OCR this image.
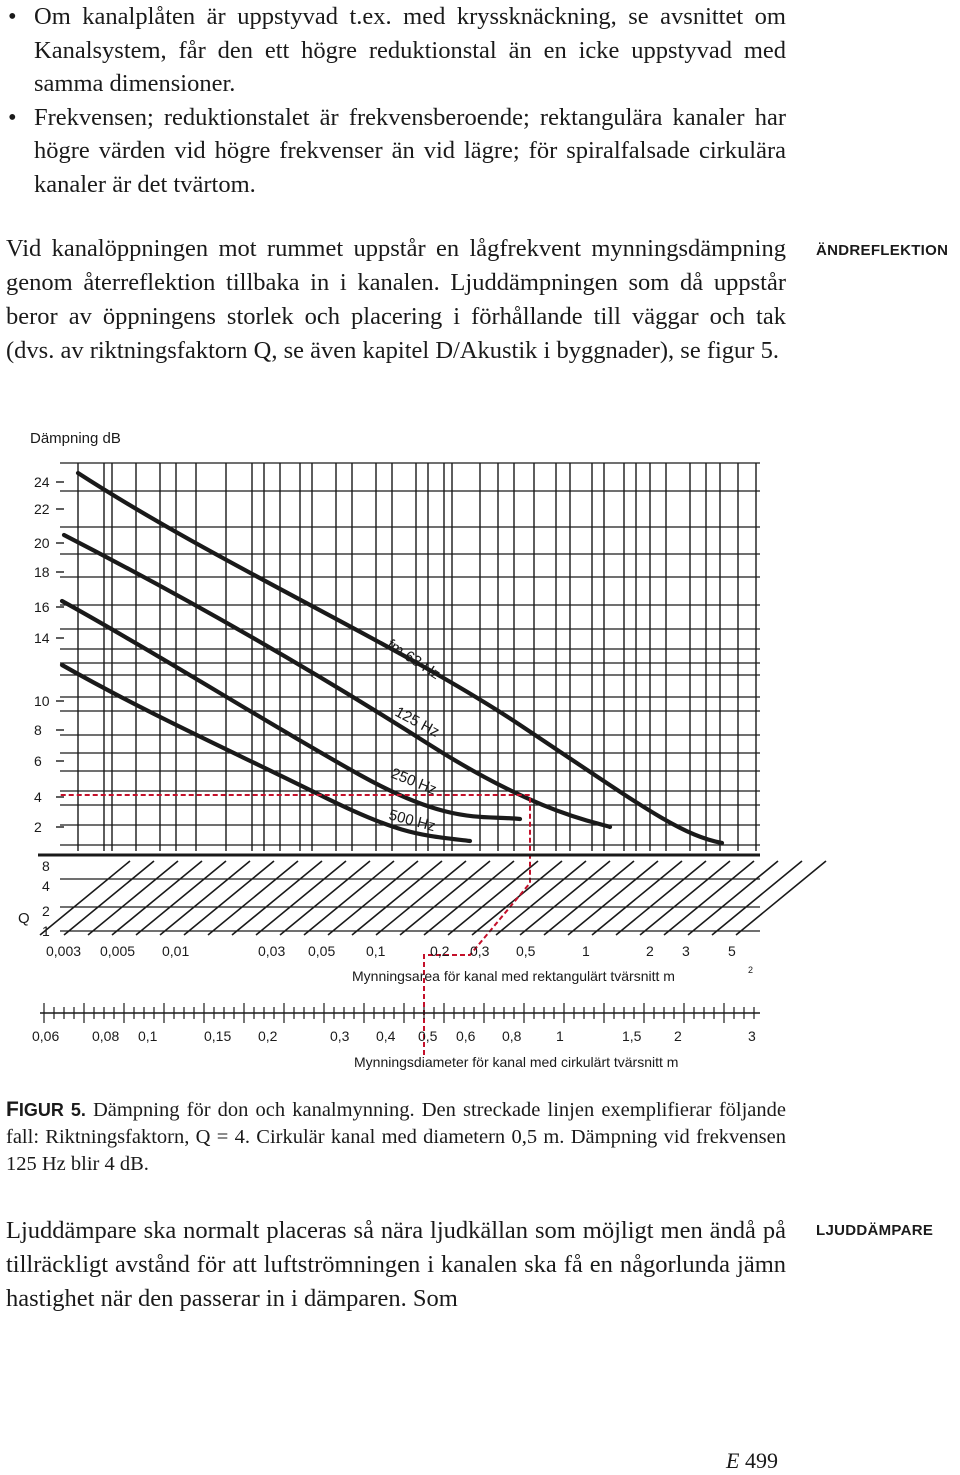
• Om kanalplåten är uppstyvad t.ex. med kryssknäckning, se avsnittet om Kanalsystem, får den ett högre reduktionstal än en icke uppstyvad med samma dimensioner.
• Frekvensen; reduktionstalet är frekvensberoende; rektangulära kanaler har högre värden vid högre frekvenser än vid lägre; för spiralfalsade cirkulära kanaler är det tvärtom.

Vid kanalöppningen mot rummet uppstår en lågfrekvent mynningsdämpning genom återreflektion tillbaka in i kanalen. Ljuddämpningen som då uppstår beror av öppningens storlek och placering i förhållande till väggar och tak (dvs. av riktningsfaktorn Q, se även kapitel D/Akustik i byggnader), se figur 5.

ÄNDREFLEKTION
Dämpning dB
24
22
20
18
16
14
10
8
6
4
2
Q
8
4
2
1
0,003 0,005 0,01	0,03 0,05 0,1	0,2 0,3 0,5	1	2 3	5
Mynningsarea för kanal med rektangulärt tvärsnitt m	2
0,06 0,08 0,1	0,15 0,2	0,3 0,4 0,5 0,6 0,8 1	1,5 2	3
Mynningsdiameter för kanal med cirkulärt tvärsnitt m
fm 63 Hz
125 Hz
250 Hz
500 Hz

FIGUR 5. Dämpning för don och kanalmynning. Den streckade linjen exemplifierar följande fall: Riktningsfaktorn, Q = 4. Cirkulär kanal med diametern 0,5 m. Dämpning vid frekvensen 125 Hz blir 4 dB.

Ljuddämpare ska normalt placeras så nära ljudkällan som möjligt men ändå på tillräckligt avstånd för att luftströmningen i kanalen ska få en någorlunda jämn hastighet när den passerar in i dämparen. Som

LJUDDÄMPARE
E 499
